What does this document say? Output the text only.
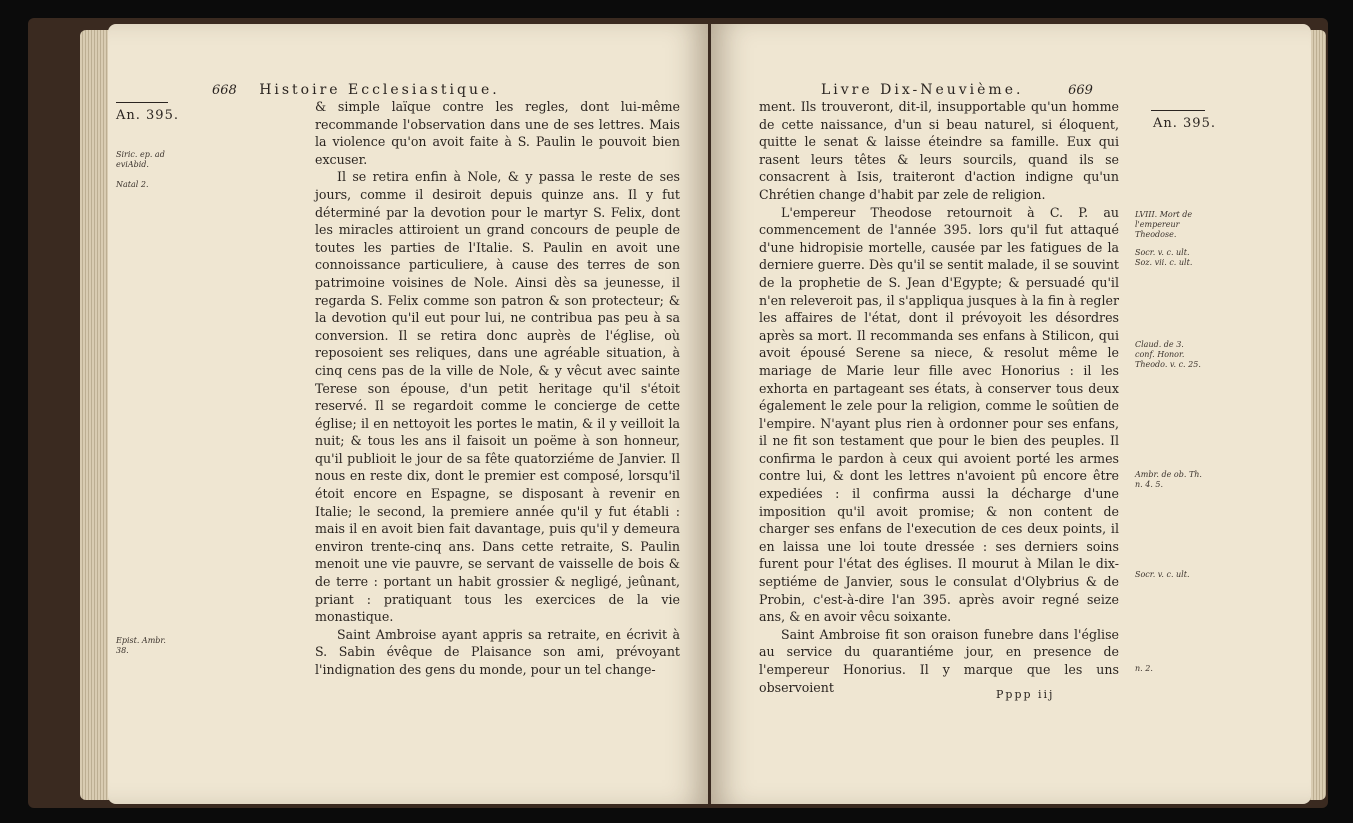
668 Histoire Ecclesiastique.
An. 395.
Siric. ep. ad eviAbid.
Natal 2.
Epist. Ambr. 38.

& simple laïque contre les regles, dont lui-même recommande l'observation dans une de ses lettres. Mais la violence qu'on avoit faite à S. Paulin le pouvoit bien excuser.

Il se retira enfin à Nole, & y passa le reste de ses jours, comme il desiroit depuis quinze ans. Il y fut déterminé par la devotion pour le martyr S. Felix, dont les miracles attiroient un grand concours de peuple de toutes les parties de l'Italie. S. Paulin en avoit une connoissance particuliere, à cause des terres de son patrimoine voisines de Nole. Ainsi dès sa jeunesse, il regarda S. Felix comme son patron & son protecteur; & la devotion qu'il eut pour lui, ne contribua pas peu à sa conversion. Il se retira donc auprès de l'église, où reposoient ses reliques, dans une agréable situation, à cinq cens pas de la ville de Nole, & y vêcut avec sainte Terese son épouse, d'un petit heritage qu'il s'étoit reservé. Il se regardoit comme le concierge de cette église; il en nettoyoit les portes le matin, & il y veilloit la nuit; & tous les ans il faisoit un poëme à son honneur, qu'il publioit le jour de sa fête quatorziéme de Janvier. Il nous en reste dix, dont le premier est composé, lorsqu'il étoit encore en Espagne, se disposant à revenir en Italie; le second, la premiere année qu'il y fut établi : mais il en avoit bien fait davantage, puis qu'il y demeura environ trente-cinq ans. Dans cette retraite, S. Paulin menoit une vie pauvre, se servant de vaisselle de bois & de terre : portant un habit grossier & negligé, jeûnant, priant : pratiquant tous les exercices de la vie monastique.

Saint Ambroise ayant appris sa retraite, en écrivit à S. Sabin évêque de Plaisance son ami, prévoyant l'indignation des gens du monde, pour un tel change-

Livre Dix-Neuvième.	669

ment. Ils trouveront, dit-il, insupportable qu'un homme de cette naissance, d'un si beau naturel, si éloquent, quitte le senat & laisse éteindre sa famille. Eux qui rasent leurs têtes & leurs sourcils, quand ils se consacrent à Isis, traiteront d'action indigne qu'un Chrétien change d'habit par zele de religion.

L'empereur Theodose retournoit à C. P. au commencement de l'année 395. lors qu'il fut attaqué d'une hidropisie mortelle, causée par les fatigues de la derniere guerre. Dès qu'il se sentit malade, il se souvint de la prophetie de S. Jean d'Egypte; & persuadé qu'il n'en releveroit pas, il s'appliqua jusques à la fin à regler les affaires de l'état, dont il prévoyoit les désordres après sa mort. Il recommanda ses enfans à Stilicon, qui avoit épousé Serene sa niece, & resolut même le mariage de Marie leur fille avec Honorius : il les exhorta en partageant ses états, à conserver tous deux également le zele pour la religion, comme le soûtien de l'empire. N'ayant plus rien à ordonner pour ses enfans, il ne fit son testament que pour le bien des peuples. Il confirma le pardon à ceux qui avoient porté les armes contre lui, & dont les lettres n'avoient pû encore être expediées : il confirma aussi la décharge d'une imposition qu'il avoit promise; & non content de charger ses enfans de l'execution de ces deux points, il en laissa une loi toute dressée : ses derniers soins furent pour l'état des églises. Il mourut à Milan le dix-septiéme de Janvier, sous le consulat d'Olybrius & de Probin, c'est-à-dire l'an 395. après avoir regné seize ans, & en avoir vêcu soixante.

Saint Ambroise fit son oraison funebre dans l'église au service du quarantiéme jour, en presence de l'empereur Honorius. Il y marque que les uns observoient	Pppp iij
An. 395.
LVIII. Mort de l'empereur Theodose.
Socr. v. c. ult. Soz. vii. c. ult.
Claud. de 3. conf. Honor. Theodo. v. c. 25.
Ambr. de ob. Th. n. 4. 5.
Socr. v. c. ult.
n. 2.
